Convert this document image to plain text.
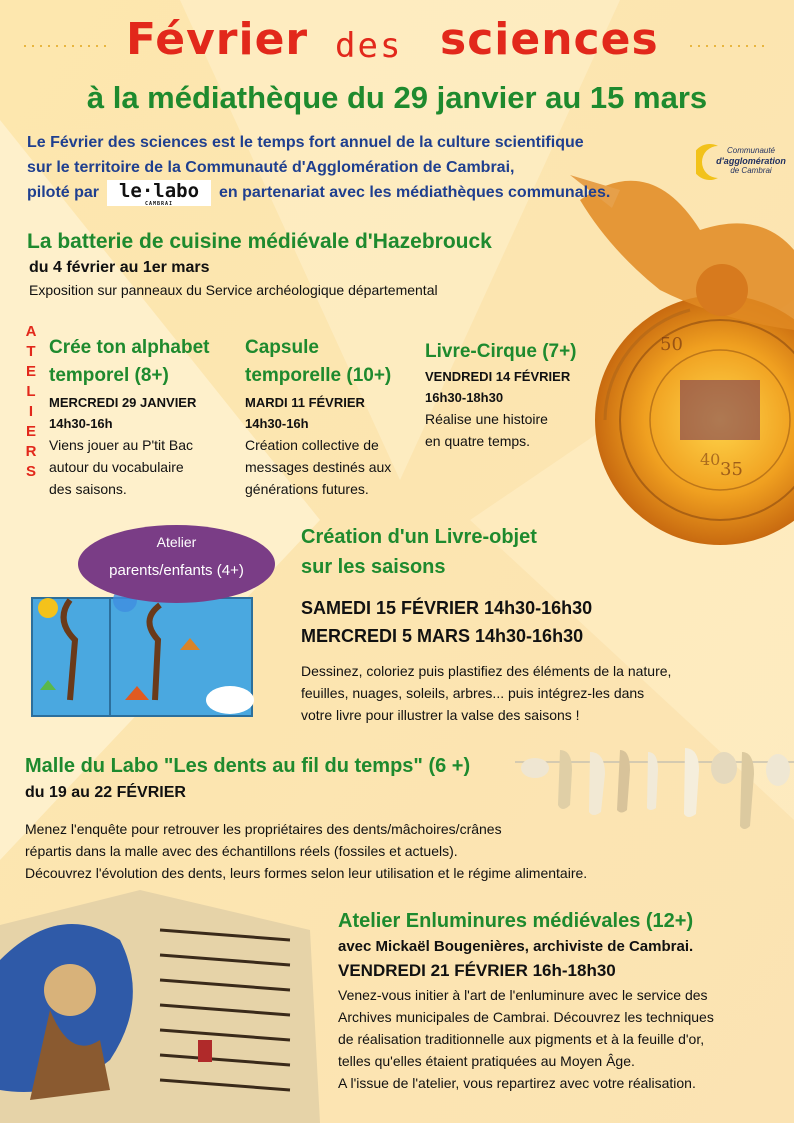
50
35
40
Février des sciences
à la médiathèque du 29 janvier au 15 mars
Le Février des sciences est le temps fort annuel de la culture scientifique
sur le territoire de la Communauté d'Agglomération de Cambrai,
piloté par le·labo
CAMBRAI
en partenariat avec les médiathèques communales.
Communauté
d'agglomération
de Cambrai
La batterie de cuisine médiévale d'Hazebrouck
du 4 février au 1er mars
Exposition sur panneaux du Service archéologique départemental
A
T
E
L
I
E
R
S
Crée ton alphabet
temporel (8+)
MERCREDI 29 JANVIER
14h30-16h
Viens jouer au P'tit Bac
autour du vocabulaire
des saisons.
Capsule
temporelle (10+)
MARDI 11 FÉVRIER
14h30-16h
Création collective de
messages destinés aux
générations futures.
Livre-Cirque (7+)
VENDREDI 14 FÉVRIER
16h30-18h30
Réalise une histoire
en quatre temps.
Atelier
parents/enfants (4+)
Création d'un Livre-objet
sur les saisons
SAMEDI 15 FÉVRIER 14h30-16h30
MERCREDI 5 MARS 14h30-16h30
Dessinez, coloriez puis plastifiez des éléments de la nature,
feuilles, nuages, soleils, arbres... puis intégrez-les dans
votre livre pour illustrer la valse des saisons !
Malle du Labo "Les dents au fil du temps" (6 +)
du 19 au 22 FÉVRIER
Menez l'enquête pour retrouver les propriétaires des dents/mâchoires/crânes
répartis dans la malle avec des échantillons réels (fossiles et actuels).
Découvrez l'évolution des dents, leurs formes selon leur utilisation et le régime alimentaire.
Atelier Enluminures médiévales (12+)
avec Mickaël Bougenières, archiviste de Cambrai.
VENDREDI 21 FÉVRIER 16h-18h30
Venez-vous initier à l'art de l'enluminure avec le service des
Archives municipales de Cambrai. Découvrez les techniques
de réalisation traditionnelle aux pigments et à la feuille d'or,
telles qu'elles étaient pratiquées au Moyen Âge.
A l'issue de l'atelier, vous repartirez avec votre réalisation.
